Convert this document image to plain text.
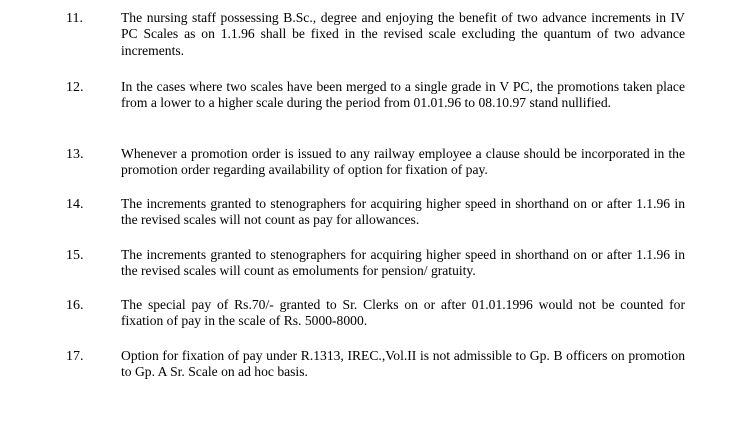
11.	The nursing staff possessing B.Sc., degree and enjoying the benefit of two advance increments in IV PC Scales as on 1.1.96 shall be fixed in the revised scale excluding the quantum of two advance increments.
12.	In the cases where two scales have been merged to a single grade in V PC, the promotions taken place from a lower to a higher scale during the period from 01.01.96 to 08.10.97 stand nullified.
13.	Whenever a promotion order is issued to any railway employee a clause should be incorporated in the promotion order regarding availability of option for fixation of pay.
14.	The increments granted to stenographers for acquiring higher speed in shorthand on or after 1.1.96 in the revised scales will not count as pay for allowances.
15.	The increments granted to stenographers for acquiring higher speed in shorthand on or after 1.1.96 in the revised scales will count as emoluments for pension/ gratuity.
16.	The special pay of Rs.70/- granted to Sr. Clerks on or after 01.01.1996 would not be counted for fixation of pay in the scale of Rs. 5000-8000.
17.	Option for fixation of pay under R.1313, IREC.,Vol.II is not admissible to Gp. B officers on promotion to Gp. A Sr. Scale on ad hoc basis.
